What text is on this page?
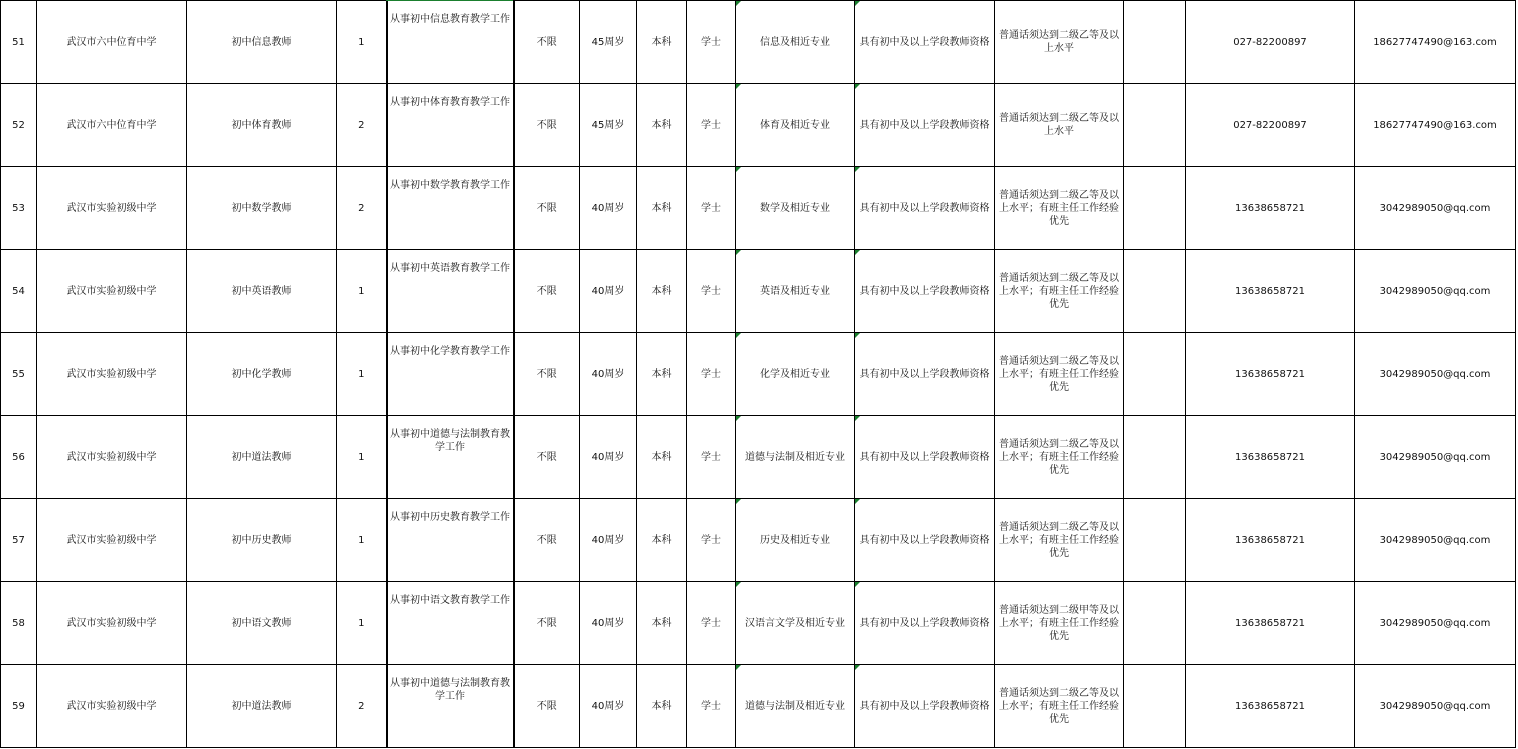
51	武汉市六中位育中学	初中信息教师	1	从事初中信息教育教学工作	不限	45周岁	本科	学士	信息及相近专业	具有初中及以上学段教师资格	普通话须达到二级乙等及以上水平		027-82200897	18627747490@163.com
52	武汉市六中位育中学	初中体育教师	2	从事初中体育教育教学工作	不限	45周岁	本科	学士	体育及相近专业	具有初中及以上学段教师资格	普通话须达到二级乙等及以上水平		027-82200897	18627747490@163.com
53	武汉市实验初级中学	初中数学教师	2	从事初中数学教育教学工作	不限	40周岁	本科	学士	数学及相近专业	具有初中及以上学段教师资格	普通话须达到二级乙等及以上水平；有班主任工作经验优先		13638658721	3042989050@qq.com
54	武汉市实验初级中学	初中英语教师	1	从事初中英语教育教学工作	不限	40周岁	本科	学士	英语及相近专业	具有初中及以上学段教师资格	普通话须达到二级乙等及以上水平；有班主任工作经验优先		13638658721	3042989050@qq.com
55	武汉市实验初级中学	初中化学教师	1	从事初中化学教育教学工作	不限	40周岁	本科	学士	化学及相近专业	具有初中及以上学段教师资格	普通话须达到二级乙等及以上水平；有班主任工作经验优先		13638658721	3042989050@qq.com
56	武汉市实验初级中学	初中道法教师	1	从事初中道德与法制教育教学工作	不限	40周岁	本科	学士	道德与法制及相近专业	具有初中及以上学段教师资格	普通话须达到二级乙等及以上水平；有班主任工作经验优先		13638658721	3042989050@qq.com
57	武汉市实验初级中学	初中历史教师	1	从事初中历史教育教学工作	不限	40周岁	本科	学士	历史及相近专业	具有初中及以上学段教师资格	普通话须达到二级乙等及以上水平；有班主任工作经验优先		13638658721	3042989050@qq.com
58	武汉市实验初级中学	初中语文教师	1	从事初中语文教育教学工作	不限	40周岁	本科	学士	汉语言文学及相近专业	具有初中及以上学段教师资格	普通话须达到二级甲等及以上水平；有班主任工作经验优先		13638658721	3042989050@qq.com
59	武汉市实验初级中学	初中道法教师	2	从事初中道德与法制教育教学工作	不限	40周岁	本科	学士	道德与法制及相近专业	具有初中及以上学段教师资格	普通话须达到二级乙等及以上水平；有班主任工作经验优先		13638658721	3042989050@qq.com
